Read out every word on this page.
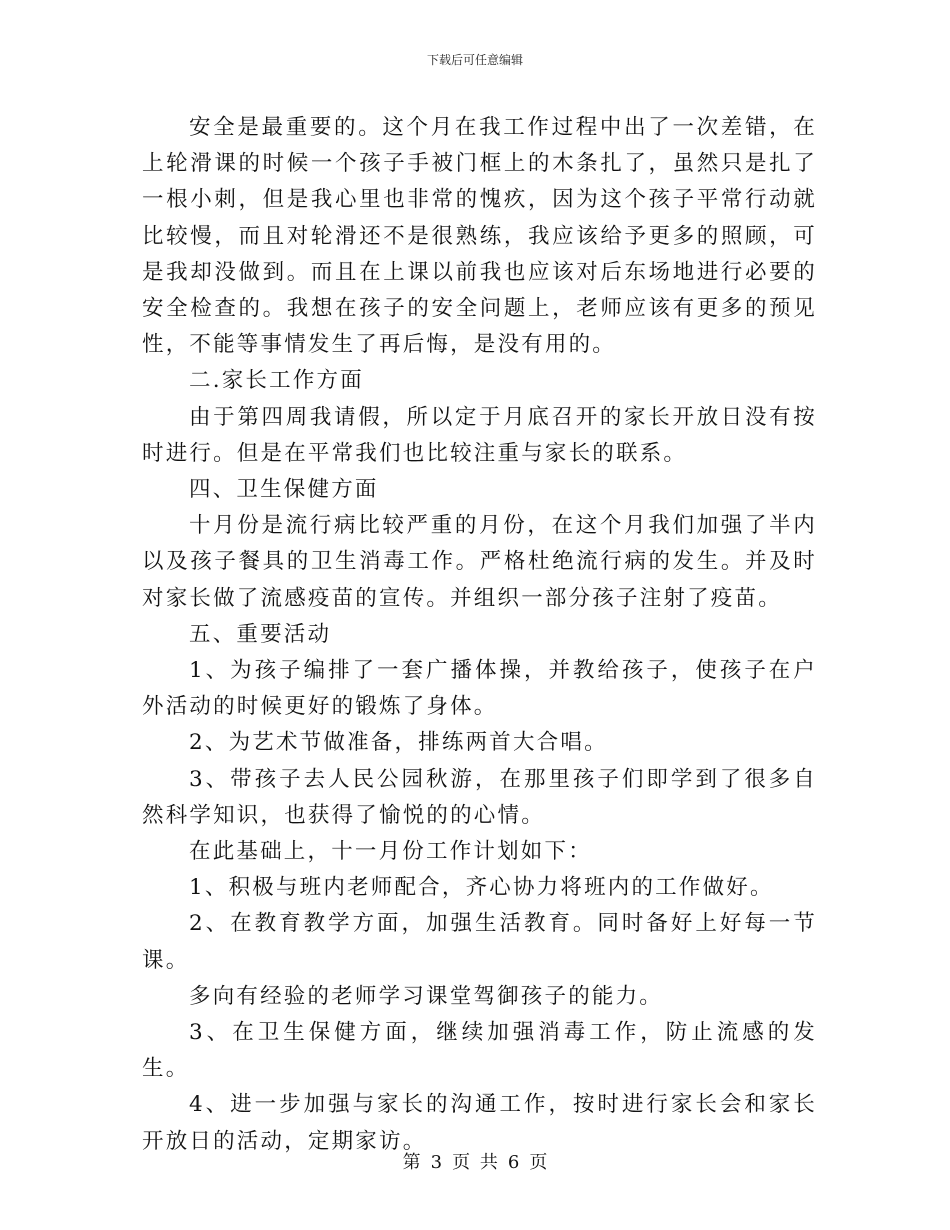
下载后可任意编辑

安全是最重要的。这个月在我工作过程中出了一次差错，在上轮滑课的时候一个孩子手被门框上的木条扎了，虽然只是扎了一根小刺，但是我心里也非常的愧疚，因为这个孩子平常行动就比较慢，而且对轮滑还不是很熟练，我应该给予更多的照顾，可是我却没做到。而且在上课以前我也应该对后东场地进行必要的安全检查的。我想在孩子的安全问题上，老师应该有更多的预见性，不能等事情发生了再后悔，是没有用的。

二.家长工作方面

由于第四周我请假，所以定于月底召开的家长开放日没有按时进行。但是在平常我们也比较注重与家长的联系。

四、卫生保健方面

十月份是流行病比较严重的月份，在这个月我们加强了半内以及孩子餐具的卫生消毒工作。严格杜绝流行病的发生。并及时对家长做了流感疫苗的宣传。并组织一部分孩子注射了疫苗。

五、重要活动

1、为孩子编排了一套广播体操，并教给孩子，使孩子在户外活动的时候更好的锻炼了身体。

2、为艺术节做准备，排练两首大合唱。

3、带孩子去人民公园秋游，在那里孩子们即学到了很多自然科学知识，也获得了愉悦的的心情。

在此基础上，十一月份工作计划如下：

1、积极与班内老师配合，齐心协力将班内的工作做好。

2、在教育教学方面，加强生活教育。同时备好上好每一节课。

多向有经验的老师学习课堂驾御孩子的能力。

3、在卫生保健方面，继续加强消毒工作，防止流感的发生。

4、进一步加强与家长的沟通工作，按时进行家长会和家长开放日的活动，定期家访。

第 3 页 共 6 页
